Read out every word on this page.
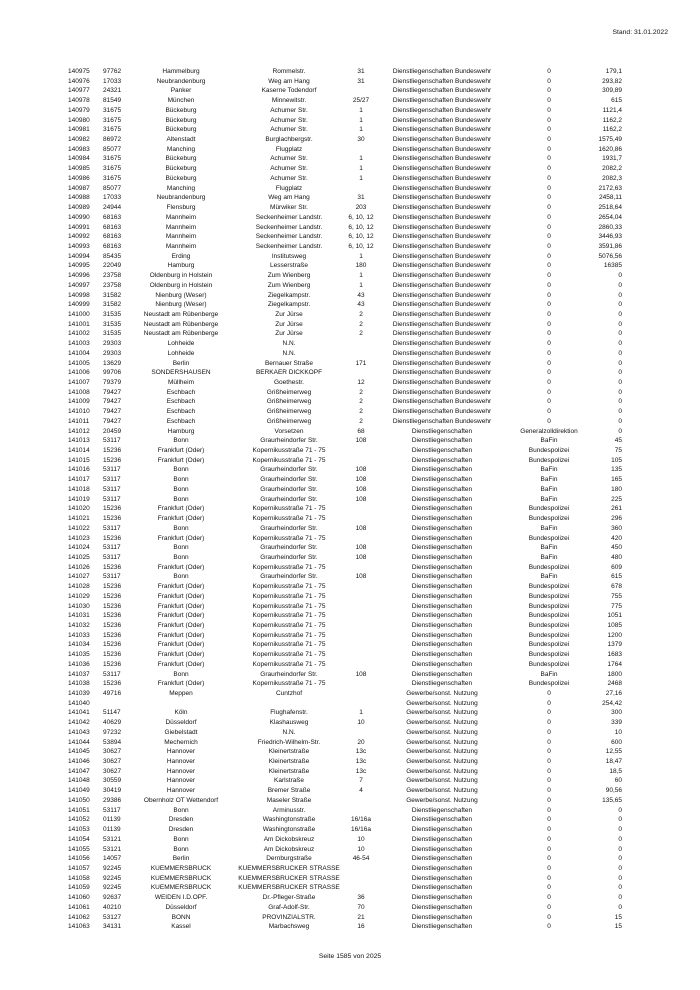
Stand: 31.01.2022
140975 97762	Hammelburg	Rommelstr.	31	Dienstliegenschaften Bundeswehr	0	179,1
140976 17033	Neubrandenburg	Weg am Hang	31	Dienstliegenschaften Bundeswehr	0	293,82
140977 24321	Panker	Kaserne Todendorf	Dienstliegenschaften Bundeswehr	0	309,89
140978 81549	München	Minnewitstr.	25/27	Dienstliegenschaften Bundeswehr	0	615
140979 31675	Bückeburg	Achumer Str.	1	Dienstliegenschaften Bundeswehr	0	1121,4
140980 31675	Bückeburg	Achumer Str.	1	Dienstliegenschaften Bundeswehr	0	1162,2
140981 31675	Bückeburg	Achumer Str.	1	Dienstliegenschaften Bundeswehr	0	1162,2
140982 86972	Altenstadt	Burglachbergstr.	30	Dienstliegenschaften Bundeswehr	0	1575,49
140983 85077	Manching	Flugplatz	Dienstliegenschaften Bundeswehr	0	1620,86
140984 31675	Bückeburg	Achumer Str.	1	Dienstliegenschaften Bundeswehr	0	1931,7
140985 31675	Bückeburg	Achumer Str.	1	Dienstliegenschaften Bundeswehr	0	2082,2
140986 31675	Bückeburg	Achumer Str.	1	Dienstliegenschaften Bundeswehr	0	2082,3
140987 85077	Manching	Flugplatz	Dienstliegenschaften Bundeswehr	0	2172,63
140988 17033	Neubrandenburg	Weg am Hang	31	Dienstliegenschaften Bundeswehr	0	2458,11
140989 24944	Flensburg	Mürwiker Str.	203	Dienstliegenschaften Bundeswehr	0	2518,64
140990 68163	Mannheim	Seckenheimer Landstr.	6, 10, 12	Dienstliegenschaften Bundeswehr	0	2654,04
140991 68163	Mannheim	Seckenheimer Landstr.	6, 10, 12	Dienstliegenschaften Bundeswehr	0	2860,33
140992 68163	Mannheim	Seckenheimer Landstr.	6, 10, 12	Dienstliegenschaften Bundeswehr	0	3446,93
140993 68163	Mannheim	Seckenheimer Landstr.	6, 10, 12	Dienstliegenschaften Bundeswehr	0	3591,86
140994 85435	Erding	Institutsweg	1	Dienstliegenschaften Bundeswehr	0	5076,56
140995 22049	Hamburg	Lesserstraße	180	Dienstliegenschaften Bundeswehr	0	16385
140996 23758	Oldenburg in Holstein	Zum Wienberg	1	Dienstliegenschaften Bundeswehr	0	0
140997 23758	Oldenburg in Holstein	Zum Wienberg	1	Dienstliegenschaften Bundeswehr	0	0
140998 31582	Nienburg (Weser)	Ziegelkampstr.	43	Dienstliegenschaften Bundeswehr	0	0
140999 31582	Nienburg (Weser)	Ziegelkampstr.	43	Dienstliegenschaften Bundeswehr	0	0
141000 31535	Neustadt am Rübenberge	Zur Jürse	2	Dienstliegenschaften Bundeswehr	0	0
141001 31535	Neustadt am Rübenberge	Zur Jürse	2	Dienstliegenschaften Bundeswehr	0	0
141002 31535	Neustadt am Rübenberge	Zur Jürse	2	Dienstliegenschaften Bundeswehr	0	0
141003 29303	Lohheide	N.N.	Dienstliegenschaften Bundeswehr	0	0
141004 29303	Lohheide	N.N.	Dienstliegenschaften Bundeswehr	0	0
141005 13629	Berlin	Bernauer Straße	171	Dienstliegenschaften Bundeswehr	0	0
141006 99706	SONDERSHAUSEN	BERKAER DICKKOPF	Dienstliegenschaften Bundeswehr	0	0
141007 79379	Müllheim	Goethestr.	12	Dienstliegenschaften Bundeswehr	0	0
141008 79427	Eschbach	Grißheimerweg	2	Dienstliegenschaften Bundeswehr	0	0
141009 79427	Eschbach	Grißheimerweg	2	Dienstliegenschaften Bundeswehr	0	0
141010 79427	Eschbach	Grißheimerweg	2	Dienstliegenschaften Bundeswehr	0	0
141011 79427	Eschbach	Grißheimerweg	2	Dienstliegenschaften Bundeswehr	0	0
141012 20459	Hamburg	Vorsetzen	68	Dienstliegenschaften	Generalzolldirektion	0
141013 53117	Bonn	Graurheindorfer Str.	108	Dienstliegenschaften	BaFin	45
141014 15236	Frankfurt (Oder)	Kopernikusstraße 71 - 75	Dienstliegenschaften	Bundespolizei	75
141015 15236	Frankfurt (Oder)	Kopernikusstraße 71 - 75	Dienstliegenschaften	Bundespolizei	105
141016 53117	Bonn	Graurheindorfer Str.	108	Dienstliegenschaften	BaFin	135
141017 53117	Bonn	Graurheindorfer Str.	108	Dienstliegenschaften	BaFin	165
141018 53117	Bonn	Graurheindorfer Str.	108	Dienstliegenschaften	BaFin	180
141019 53117	Bonn	Graurheindorfer Str.	108	Dienstliegenschaften	BaFin	225
141020 15236	Frankfurt (Oder)	Kopernikusstraße 71 - 75	Dienstliegenschaften	Bundespolizei	261
141021 15236	Frankfurt (Oder)	Kopernikusstraße 71 - 75	Dienstliegenschaften	Bundespolizei	296
141022 53117	Bonn	Graurheindorfer Str.	108	Dienstliegenschaften	BaFin	360
141023 15236	Frankfurt (Oder)	Kopernikusstraße 71 - 75	Dienstliegenschaften	Bundespolizei	420
141024 53117	Bonn	Graurheindorfer Str.	108	Dienstliegenschaften	BaFin	450
141025 53117	Bonn	Graurheindorfer Str.	108	Dienstliegenschaften	BaFin	480
141026 15236	Frankfurt (Oder)	Kopernikusstraße 71 - 75	Dienstliegenschaften	Bundespolizei	609
141027 53117	Bonn	Graurheindorfer Str.	108	Dienstliegenschaften	BaFin	615
141028 15236	Frankfurt (Oder)	Kopernikusstraße 71 - 75	Dienstliegenschaften	Bundespolizei	678
141029 15236	Frankfurt (Oder)	Kopernikusstraße 71 - 75	Dienstliegenschaften	Bundespolizei	755
141030 15236	Frankfurt (Oder)	Kopernikusstraße 71 - 75	Dienstliegenschaften	Bundespolizei	775
141031 15236	Frankfurt (Oder)	Kopernikusstraße 71 - 75	Dienstliegenschaften	Bundespolizei	1051
141032 15236	Frankfurt (Oder)	Kopernikusstraße 71 - 75	Dienstliegenschaften	Bundespolizei	1085
141033 15236	Frankfurt (Oder)	Kopernikusstraße 71 - 75	Dienstliegenschaften	Bundespolizei	1200
141034 15236	Frankfurt (Oder)	Kopernikusstraße 71 - 75	Dienstliegenschaften	Bundespolizei	1379
141035 15236	Frankfurt (Oder)	Kopernikusstraße 71 - 75	Dienstliegenschaften	Bundespolizei	1683
141036 15236	Frankfurt (Oder)	Kopernikusstraße 71 - 75	Dienstliegenschaften	Bundespolizei	1764
141037 53117	Bonn	Graurheindorfer Str.	108	Dienstliegenschaften	BaFin	1800
141038 15236	Frankfurt (Oder)	Kopernikusstraße 71 - 75	Dienstliegenschaften	Bundespolizei	2468
141039 49716	Meppen	Cuntzhof	Gewerbe/sonst. Nutzung	0	27,16
141040	Gewerbe/sonst. Nutzung	0	254,42
141041 51147	Köln	Flughafenstr.	1	Gewerbe/sonst. Nutzung	0	300
141042 40629	Düsseldorf	Klashausweg	10	Gewerbe/sonst. Nutzung	0	339
141043 97232	Giebelstadt	N.N.	Gewerbe/sonst. Nutzung	0	10
141044 53894	Mechernich	Friedrich-Wilhelm-Str.	20	Gewerbe/sonst. Nutzung	0	600
141045 30627	Hannover	Kleinertstraße	13c	Gewerbe/sonst. Nutzung	0	12,55
141046 30627	Hannover	Kleinertstraße	13c	Gewerbe/sonst. Nutzung	0	18,47
141047 30627	Hannover	Kleinertstraße	13c	Gewerbe/sonst. Nutzung	0	18,5
141048 30559	Hannover	Karlstraße	7	Gewerbe/sonst. Nutzung	0	60
141049 30419	Hannover	Bremer Straße	4	Gewerbe/sonst. Nutzung	0	90,56
141050 29386	Obernholz OT Wettendorf	Maseler Straße	Gewerbe/sonst. Nutzung	0	135,65
141051 53117	Bonn	Arminusstr.	Dienstliegenschaften	0	0
141052 01139	Dresden	Washingtonstraße	16/16a	Dienstliegenschaften	0	0
141053 01139	Dresden	Washingtonstraße	16/16a	Dienstliegenschaften	0	0
141054 53121	Bonn	Am Dickobskreuz	10	Dienstliegenschaften	0	0
141055 53121	Bonn	Am Dickobskreuz	10	Dienstliegenschaften	0	0
141056 14057	Berlin	Dernburgstraße	46-54	Dienstliegenschaften	0	0
141057 92245	KUEMMERSBRUCK	KUEMMERSBRUCKER STRASSE	Dienstliegenschaften	0	0
141058 92245	KUEMMERSBRUCK	KUEMMERSBRUCKER STRASSE	Dienstliegenschaften	0	0
141059 92245	KUEMMERSBRUCK	KUEMMERSBRUCKER STRASSE	Dienstliegenschaften	0	0
141060 92637	WEIDEN I.D.OPF.	Dr.-Pfleger-Straße	36	Dienstliegenschaften	0	0
141061 40210	Düsseldorf	Graf-Adolf-Str.	70	Dienstliegenschaften	0	0
141062 53127	BONN	PROVINZIALSTR.	21	Dienstliegenschaften	0	15
141063 34131	Kassel	Marbachsweg	16	Dienstliegenschaften	0	15
Seite 1585 von 2025
